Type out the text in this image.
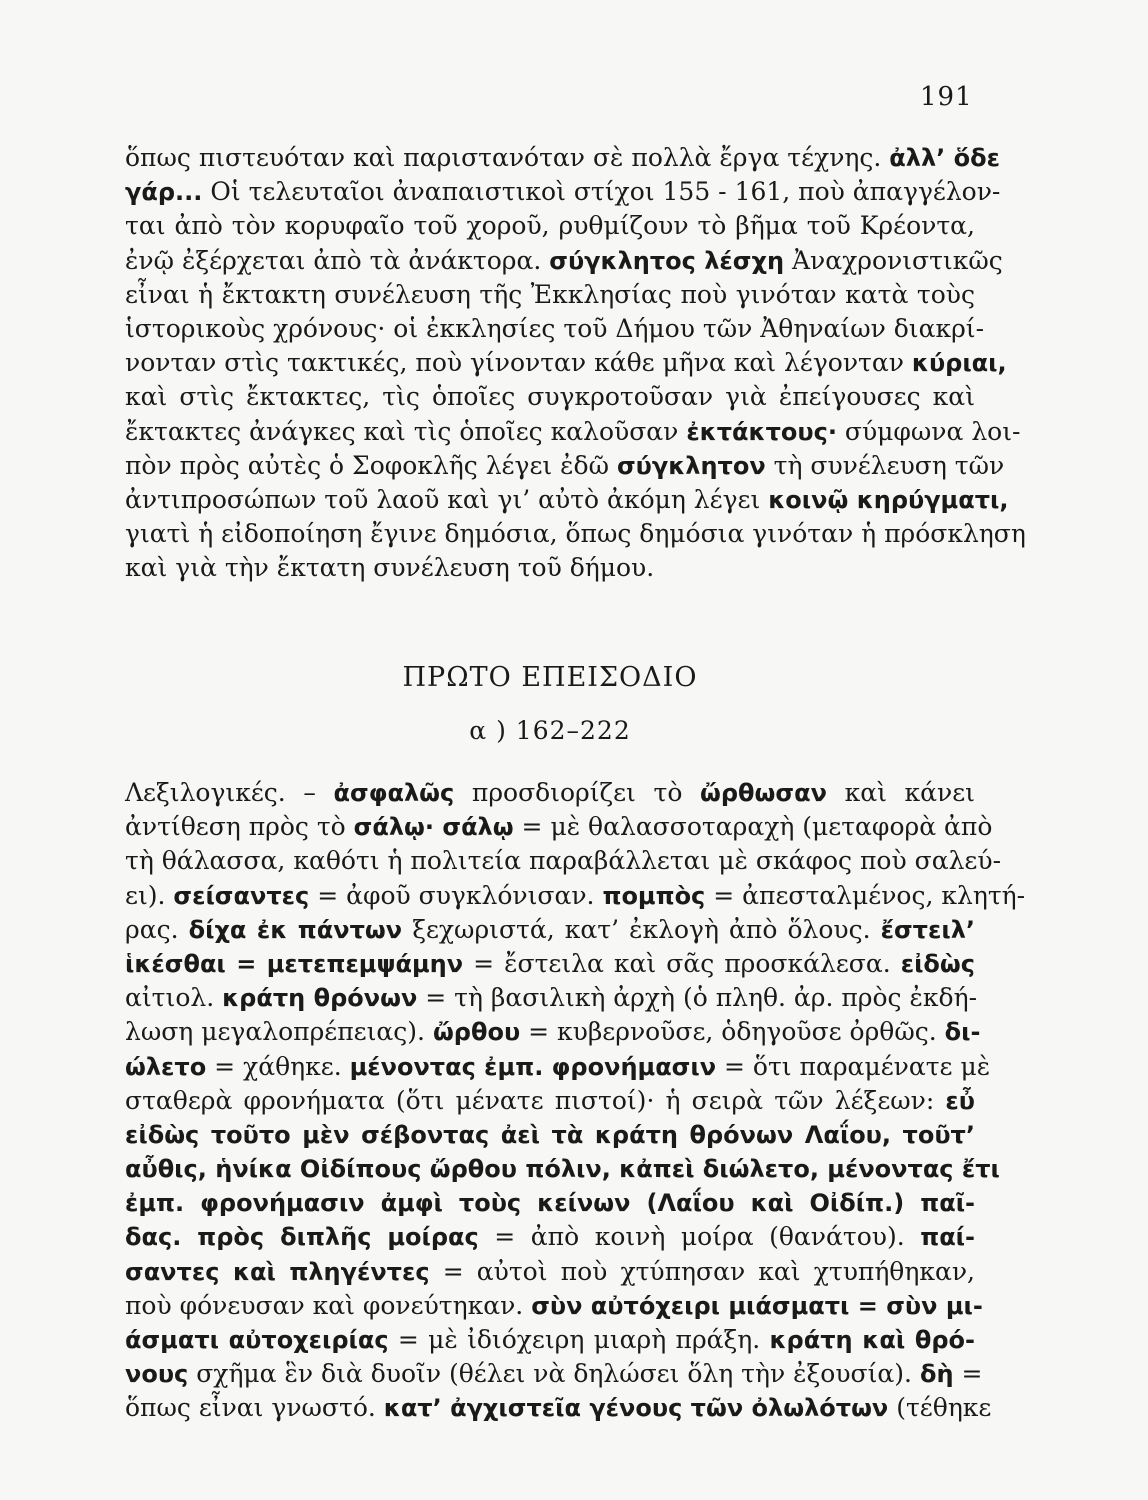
191
ὅπως πιστευόταν καὶ παριστανόταν σὲ πολλὰ ἔργα τέχνης. ἀλλ’ ὅδε
γάρ... Οἱ τελευταῖοι ἀναπαιστικοὶ στίχοι 155 - 161, ποὺ ἀπαγγέλον-
ται ἀπὸ τὸν κορυφαῖο τοῦ χοροῦ, ρυθμίζουν τὸ βῆμα τοῦ Κρέοντα,
ἐνῷ ἐξέρχεται ἀπὸ τὰ ἀνάκτορα. σύγκλητος λέσχη Ἀναχρονιστικῶς
εἶναι ἡ ἔκτακτη συνέλευση τῆς Ἐκκλησίας ποὺ γινόταν κατὰ τοὺς
ἱστορικοὺς χρόνους· οἱ ἐκκλησίες τοῦ Δήμου τῶν Ἀθηναίων διακρί-
νονταν στὶς τακτικές, ποὺ γίνονταν κάθε μῆνα καὶ λέγονταν κύριαι,
καὶ στὶς ἔκτακτες, τὶς ὁποῖες συγκροτοῦσαν γιὰ ἐπείγουσες καὶ
ἔκτακτες ἀνάγκες καὶ τὶς ὁποῖες καλοῦσαν ἐκτάκτους· σύμφωνα λοι-
πὸν πρὸς αὐτὲς ὁ Σοφοκλῆς λέγει ἐδῶ σύγκλητον τὴ συνέλευση τῶν
ἀντιπροσώπων τοῦ λαοῦ καὶ γι’ αὐτὸ ἀκόμη λέγει κοινῷ κηρύγματι,
γιατὶ ἡ εἰδοποίηση ἔγινε δημόσια, ὅπως δημόσια γινόταν ἡ πρόσκληση
καὶ γιὰ τὴν ἔκτατη συνέλευση τοῦ δήμου.
ΠΡΩΤΟ ΕΠΕΙΣΟΔΙΟ
α ) 162–222
Λεξιλογικές. – ἀσφαλῶς προσδιορίζει τὸ ὤρθωσαν καὶ κάνει
ἀντίθεση πρὸς τὸ σάλῳ· σάλῳ = μὲ θαλασσοταραχὴ (μεταφορὰ ἀπὸ
τὴ θάλασσα, καθότι ἡ πολιτεία παραβάλλεται μὲ σκάφος ποὺ σαλεύ-
ει). σείσαντες = ἀφοῦ συγκλόνισαν. πομπὸς = ἀπεσταλμένος, κλητή-
ρας. δίχα ἐκ πάντων ξεχωριστά, κατ’ ἐκλογὴ ἀπὸ ὅλους. ἔστειλ’
ἱκέσθαι = μετεπεμψάμην = ἔστειλα καὶ σᾶς προσκάλεσα. εἰδὼς
αἰτιολ. κράτη θρόνων = τὴ βασιλικὴ ἀρχὴ (ὁ πληθ. ἀρ. πρὸς ἐκδή-
λωση μεγαλοπρέπειας). ὤρθου = κυβερνοῦσε, ὁδηγοῦσε ὀρθῶς. δι-
ώλετο = χάθηκε. μένοντας ἐμπ. φρονήμασιν = ὅτι παραμένατε μὲ
σταθερὰ φρονήματα (ὅτι μένατε πιστοί)· ἡ σειρὰ τῶν λέξεων: εὖ
εἰδὼς τοῦτο μὲν σέβοντας ἀεὶ τὰ κράτη θρόνων Λαΐου, τοῦτ’
αὖθις, ἡνίκα Οἰδίπους ὤρθου πόλιν, κἀπεὶ διώλετο, μένοντας ἔτι
ἐμπ. φρονήμασιν ἀμφὶ τοὺς κείνων (Λαΐου καὶ Οἰδίπ.) παῖ-
δας. πρὸς διπλῆς μοίρας = ἀπὸ κοινὴ μοίρα (θανάτου). παί-
σαντες καὶ πληγέντες = αὐτοὶ ποὺ χτύπησαν καὶ χτυπήθηκαν,
ποὺ φόνευσαν καὶ φονεύτηκαν. σὺν αὐτόχειρι μιάσματι = σὺν μι-
άσματι αὐτοχειρίας = μὲ ἰδιόχειρη μιαρὴ πράξη. κράτη καὶ θρό-
νους σχῆμα ἓν διὰ δυοῖν (θέλει νὰ δηλώσει ὅλη τὴν ἐξουσία). δὴ =
ὅπως εἶναι γνωστό. κατ’ ἀγχιστεῖα γένους τῶν ὀλωλότων (τέθηκε
